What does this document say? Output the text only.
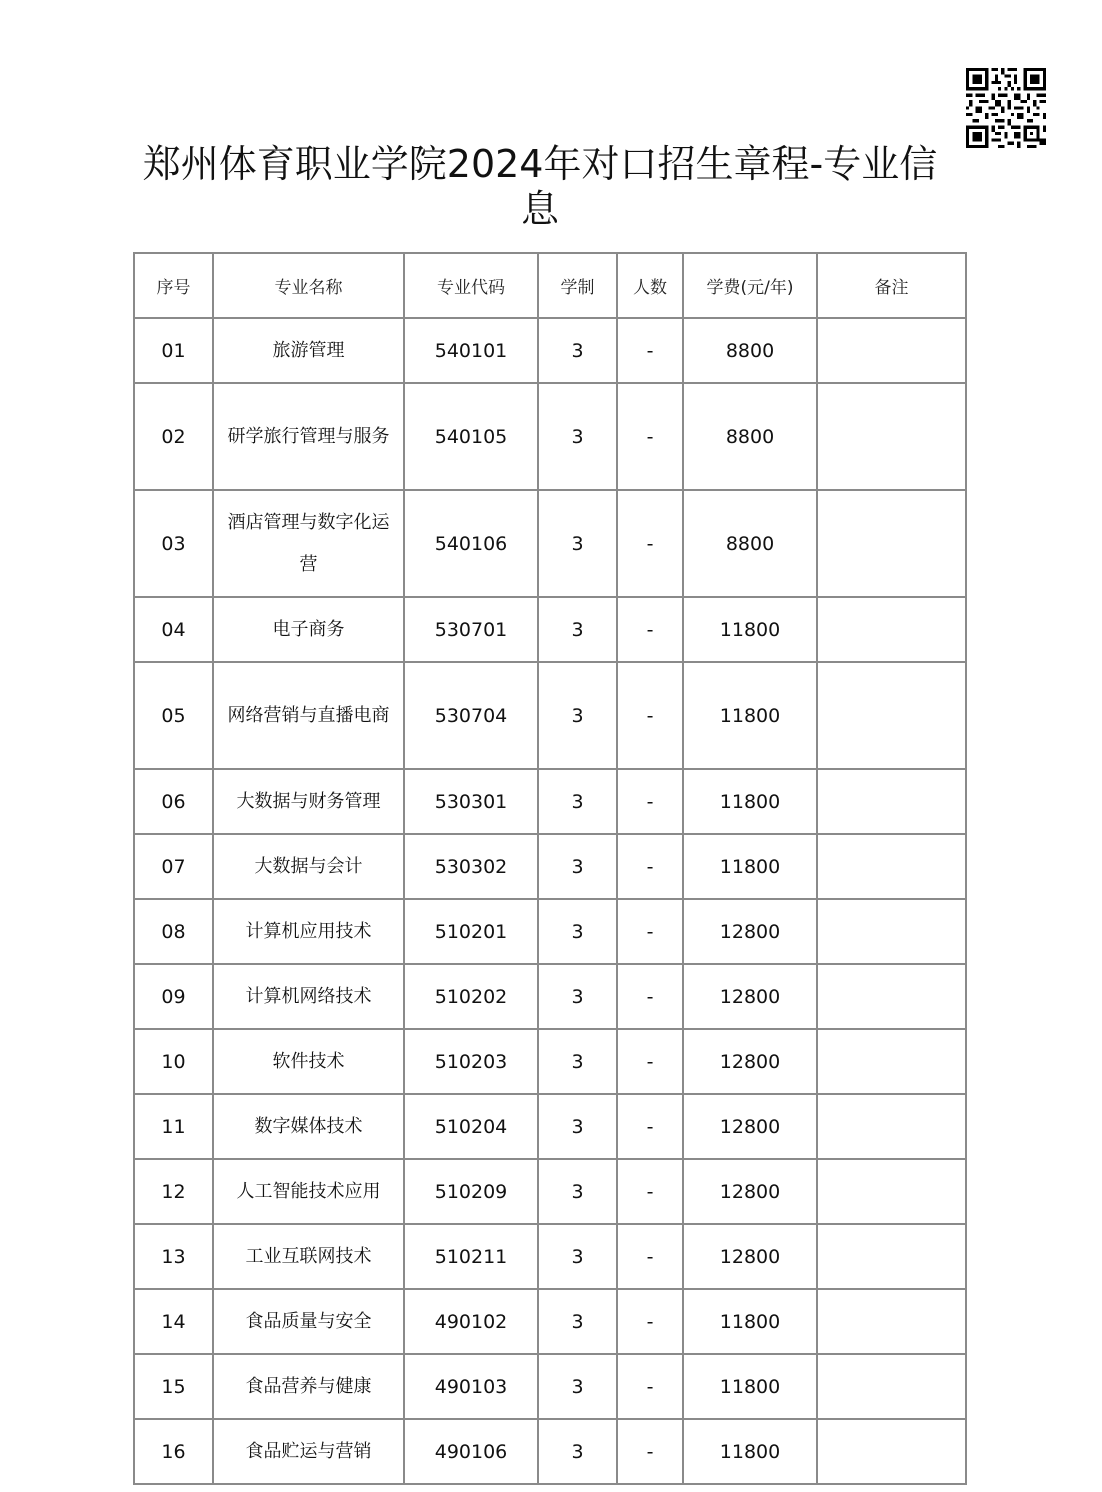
郑州体育职业学院2024年对口招生章程-专业信息
序号	专业名称	专业代码	学制	人数	学费(元/年)	备注
01	旅游管理	540101	3	-	8800	
02	研学旅行管理与服务	540105	3	-	8800	
03	酒店管理与数字化运营	540106	3	-	8800	
04	电子商务	530701	3	-	11800	
05	网络营销与直播电商	530704	3	-	11800	
06	大数据与财务管理	530301	3	-	11800	
07	大数据与会计	530302	3	-	11800	
08	计算机应用技术	510201	3	-	12800	
09	计算机网络技术	510202	3	-	12800	
10	软件技术	510203	3	-	12800	
11	数字媒体技术	510204	3	-	12800	
12	人工智能技术应用	510209	3	-	12800	
13	工业互联网技术	510211	3	-	12800	
14	食品质量与安全	490102	3	-	11800	
15	食品营养与健康	490103	3	-	11800	
16	食品贮运与营销	490106	3	-	11800	
